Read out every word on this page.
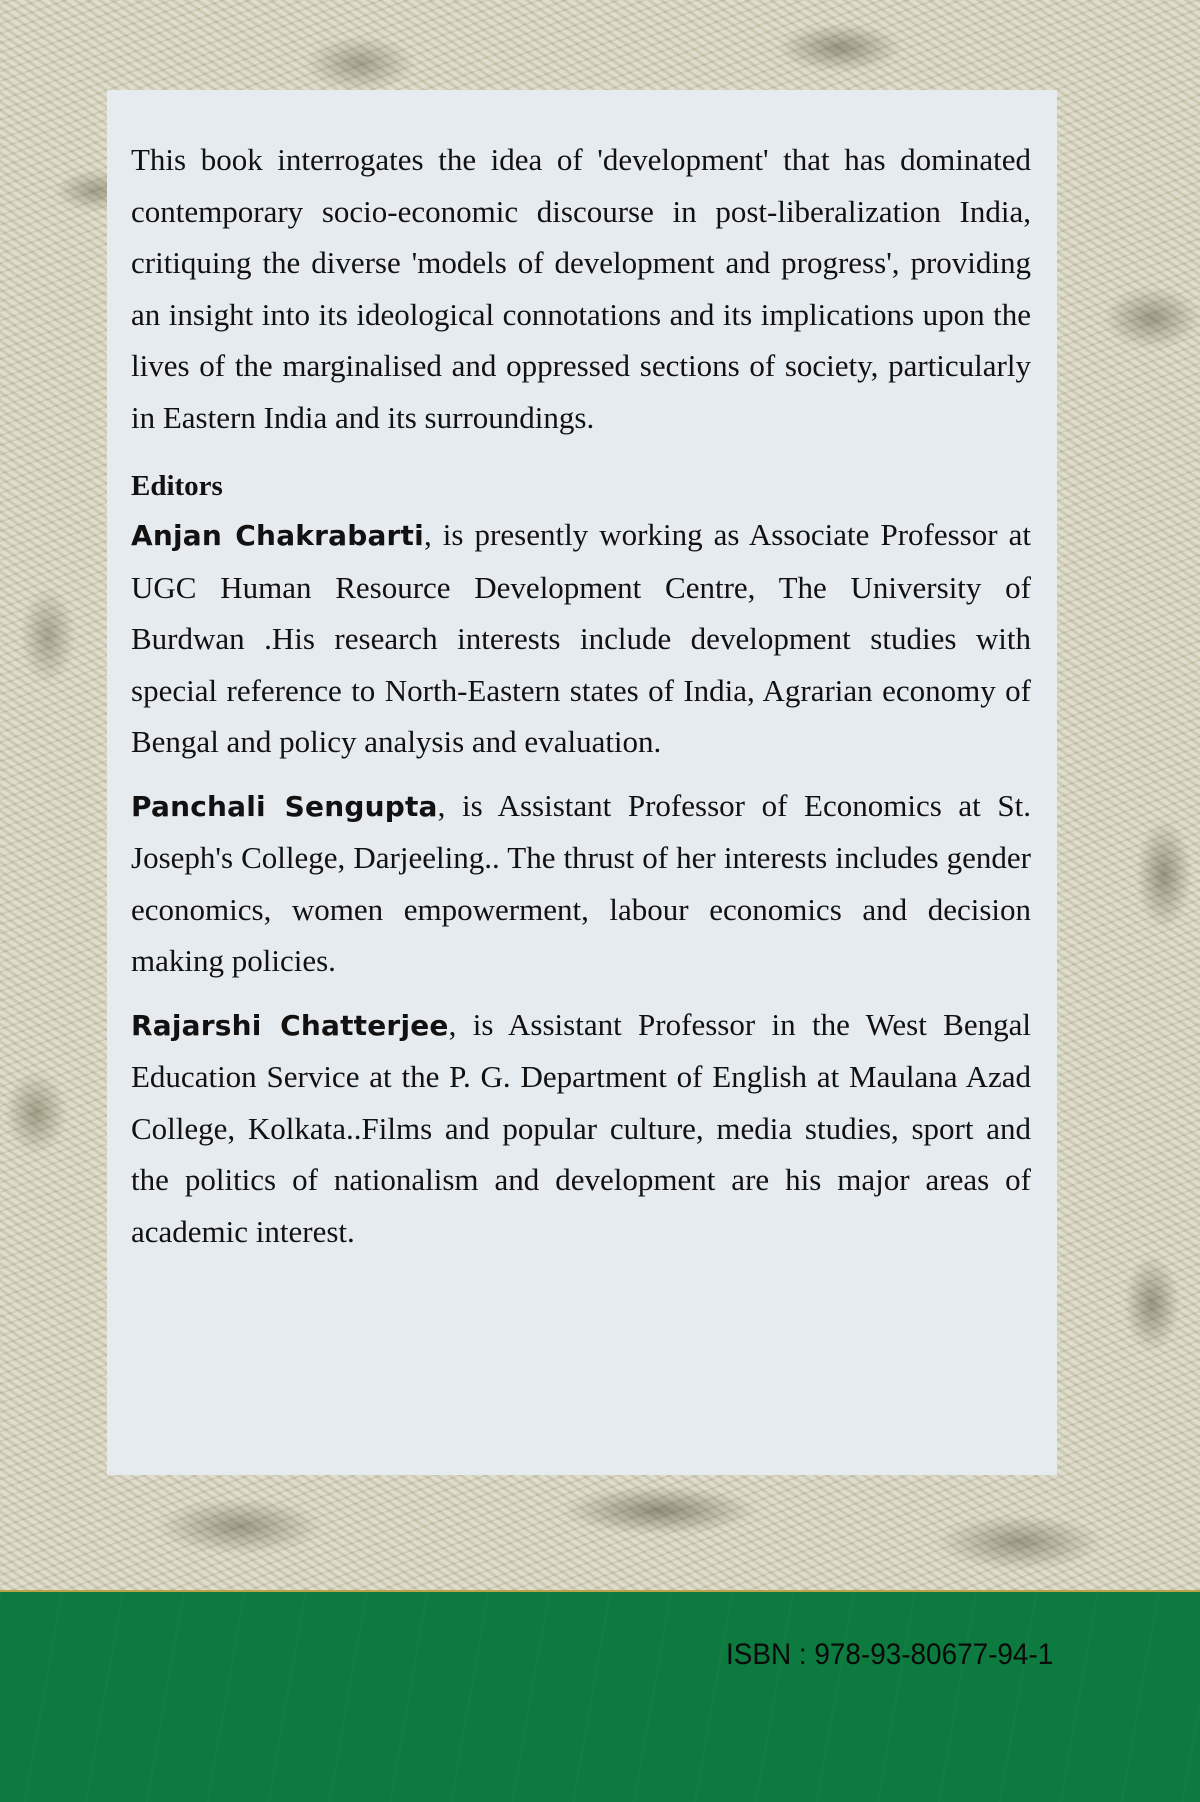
This book interrogates the idea of 'development' that has dominated contemporary socio-economic discourse in post-liberalization India, critiquing the diverse 'models of development and progress', providing an insight into its ideological connotations and its implications upon the lives of the marginalised and oppressed sections of society, particularly in Eastern India and its surroundings.

Editors

Anjan Chakrabarti, is presently working as Associate Professor at UGC Human Resource Development Centre, The University of Burdwan .His research interests include development studies with special reference to North-Eastern states of India, Agrarian economy of Bengal and policy analysis and evaluation.

Panchali Sengupta, is Assistant Professor of Economics at St. Joseph's College, Darjeeling.. The thrust of her interests includes gender economics, women empowerment, labour economics and decision making policies.

Rajarshi Chatterjee, is Assistant Professor in the West Bengal Education Service at the P. G. Department of English at Maulana Azad College, Kolkata..Films and popular culture, media studies, sport and the politics of nationalism and development are his major areas of academic interest.

ISBN : 978-93-80677-94-1
